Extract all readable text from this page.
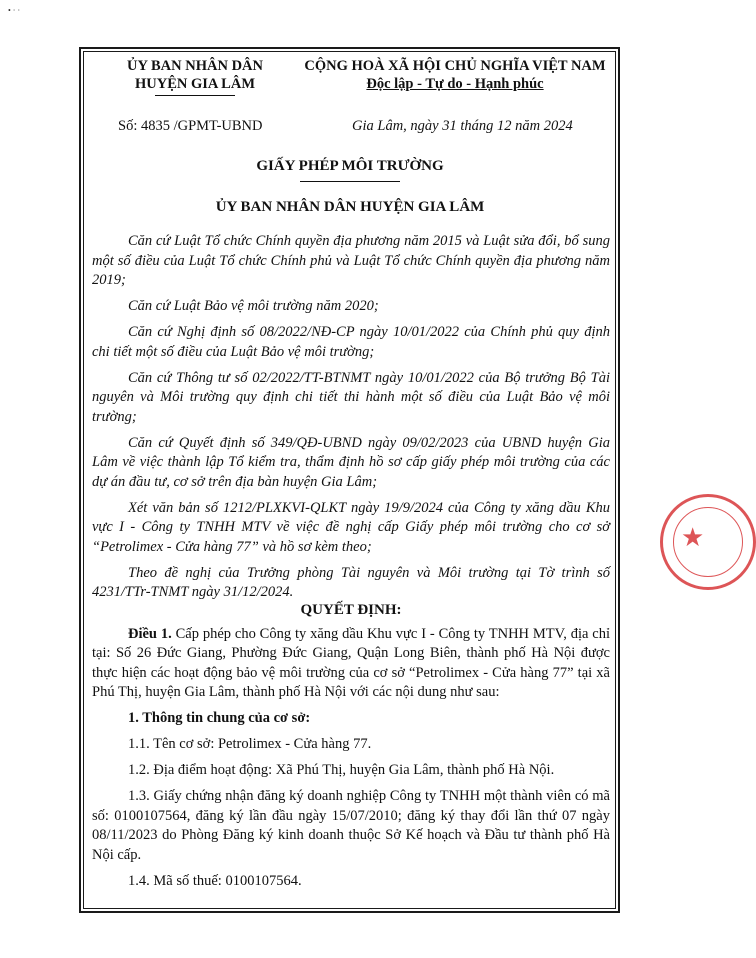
• · ·
ỦY BAN NHÂN DÂN
HUYỆN GIA LÂM
CỘNG HOÀ XÃ HỘI CHỦ NGHĨA VIỆT NAM
Độc lập - Tự do - Hạnh phúc
Số: 4835 /GPMT-UBND	Gia Lâm, ngày 31 tháng 12 năm 2024
GIẤY PHÉP MÔI TRƯỜNG
ỦY BAN NHÂN DÂN HUYỆN GIA LÂM

Căn cứ Luật Tổ chức Chính quyền địa phương năm 2015 và Luật sửa đổi, bổ sung một số điều của Luật Tổ chức Chính phủ và Luật Tổ chức Chính quyền địa phương năm 2019;

Căn cứ Luật Bảo vệ môi trường năm 2020;

Căn cứ Nghị định số 08/2022/NĐ-CP ngày 10/01/2022 của Chính phủ quy định chi tiết một số điều của Luật Bảo vệ môi trường;

Căn cứ Thông tư số 02/2022/TT-BTNMT ngày 10/01/2022 của Bộ trưởng Bộ Tài nguyên và Môi trường quy định chi tiết thi hành một số điều của Luật Bảo vệ môi trường;

Căn cứ Quyết định số 349/QĐ-UBND ngày 09/02/2023 của UBND huyện Gia Lâm về việc thành lập Tổ kiểm tra, thẩm định hồ sơ cấp giấy phép môi trường của các dự án đầu tư, cơ sở trên địa bàn huyện Gia Lâm;

Xét văn bản số 1212/PLXKVI-QLKT ngày 19/9/2024 của Công ty xăng dầu Khu vực I - Công ty TNHH MTV về việc đề nghị cấp Giấy phép môi trường cho cơ sở “Petrolimex - Cửa hàng 77” và hồ sơ kèm theo;

Theo đề nghị của Trưởng phòng Tài nguyên và Môi trường tại Tờ trình số 4231/TTr-TNMT ngày 31/12/2024.

QUYẾT ĐỊNH:

Điều 1. Cấp phép cho Công ty xăng dầu Khu vực I - Công ty TNHH MTV, địa chỉ tại: Số 26 Đức Giang, Phường Đức Giang, Quận Long Biên, thành phố Hà Nội được thực hiện các hoạt động bảo vệ môi trường của cơ sở “Petrolimex - Cửa hàng 77” tại xã Phú Thị, huyện Gia Lâm, thành phố Hà Nội với các nội dung như sau:

1. Thông tin chung của cơ sở:

1.1. Tên cơ sở: Petrolimex - Cửa hàng 77.

1.2. Địa điểm hoạt động: Xã Phú Thị, huyện Gia Lâm, thành phố Hà Nội.

1.3. Giấy chứng nhận đăng ký doanh nghiệp Công ty TNHH một thành viên có mã số: 0100107564, đăng ký lần đầu ngày 15/07/2010; đăng ký thay đổi lần thứ 07 ngày 08/11/2023 do Phòng Đăng ký kinh doanh thuộc Sở Kế hoạch và Đầu tư thành phố Hà Nội cấp.

1.4. Mã số thuế: 0100107564.

★
